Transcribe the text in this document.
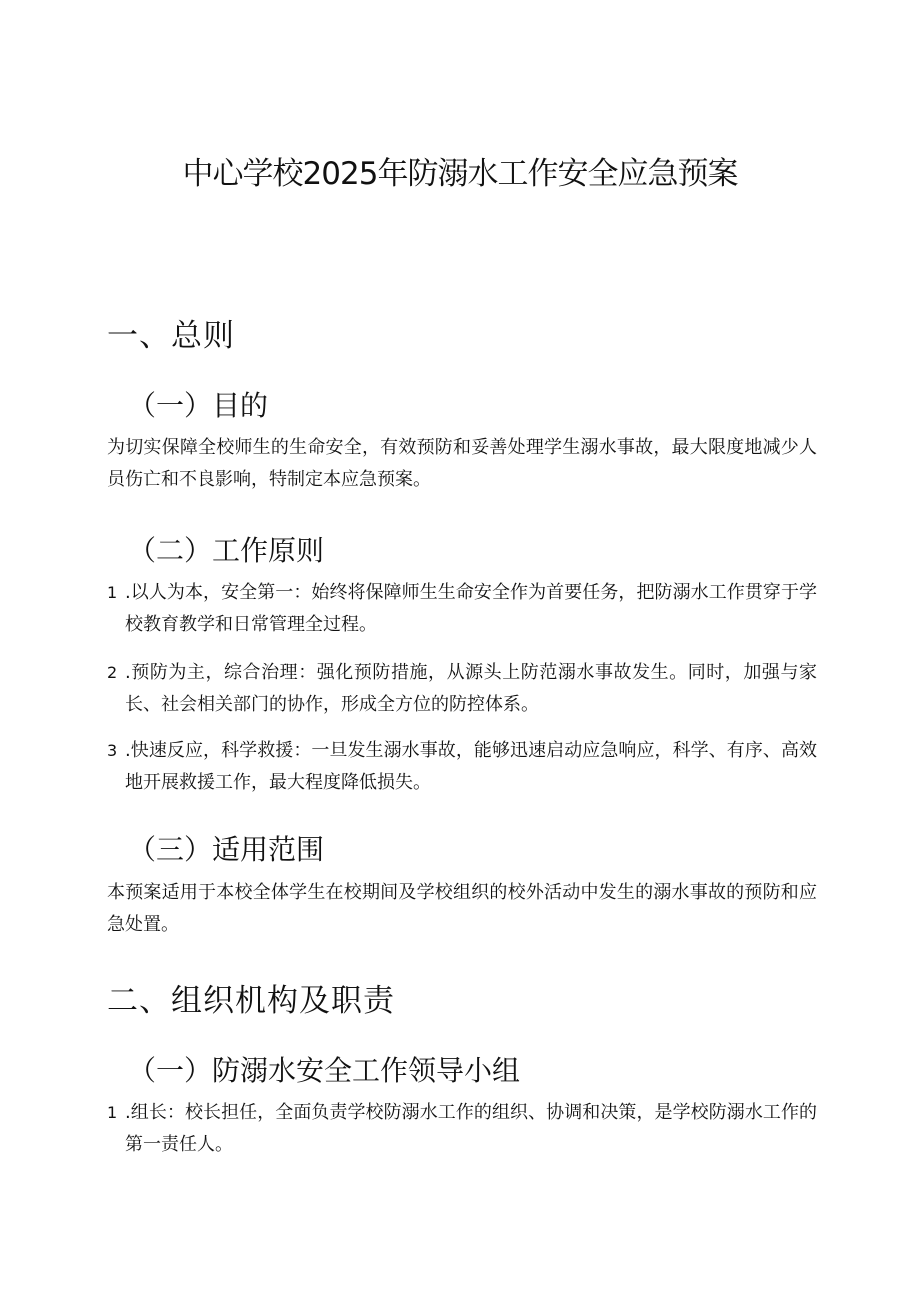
中心学校2025年防溺水工作安全应急预案
一、总则
（一）目的
为切实保障全校师生的生命安全，有效预防和妥善处理学生溺水事故，最大限度地减少人员伤亡和不良影响，特制定本应急预案。
（二）工作原则
1 .以人为本，安全第一：始终将保障师生生命安全作为首要任务，把防溺水工作贯穿于学校教育教学和日常管理全过程。
2 .预防为主，综合治理：强化预防措施，从源头上防范溺水事故发生。同时，加强与家长、社会相关部门的协作，形成全方位的防控体系。
3 .快速反应，科学救援：一旦发生溺水事故，能够迅速启动应急响应，科学、有序、高效地开展救援工作，最大程度降低损失。
（三）适用范围
本预案适用于本校全体学生在校期间及学校组织的校外活动中发生的溺水事故的预防和应急处置。
二、组织机构及职责
（一）防溺水安全工作领导小组
1 .组长：校长担任，全面负责学校防溺水工作的组织、协调和决策，是学校防溺水工作的第一责任人。
